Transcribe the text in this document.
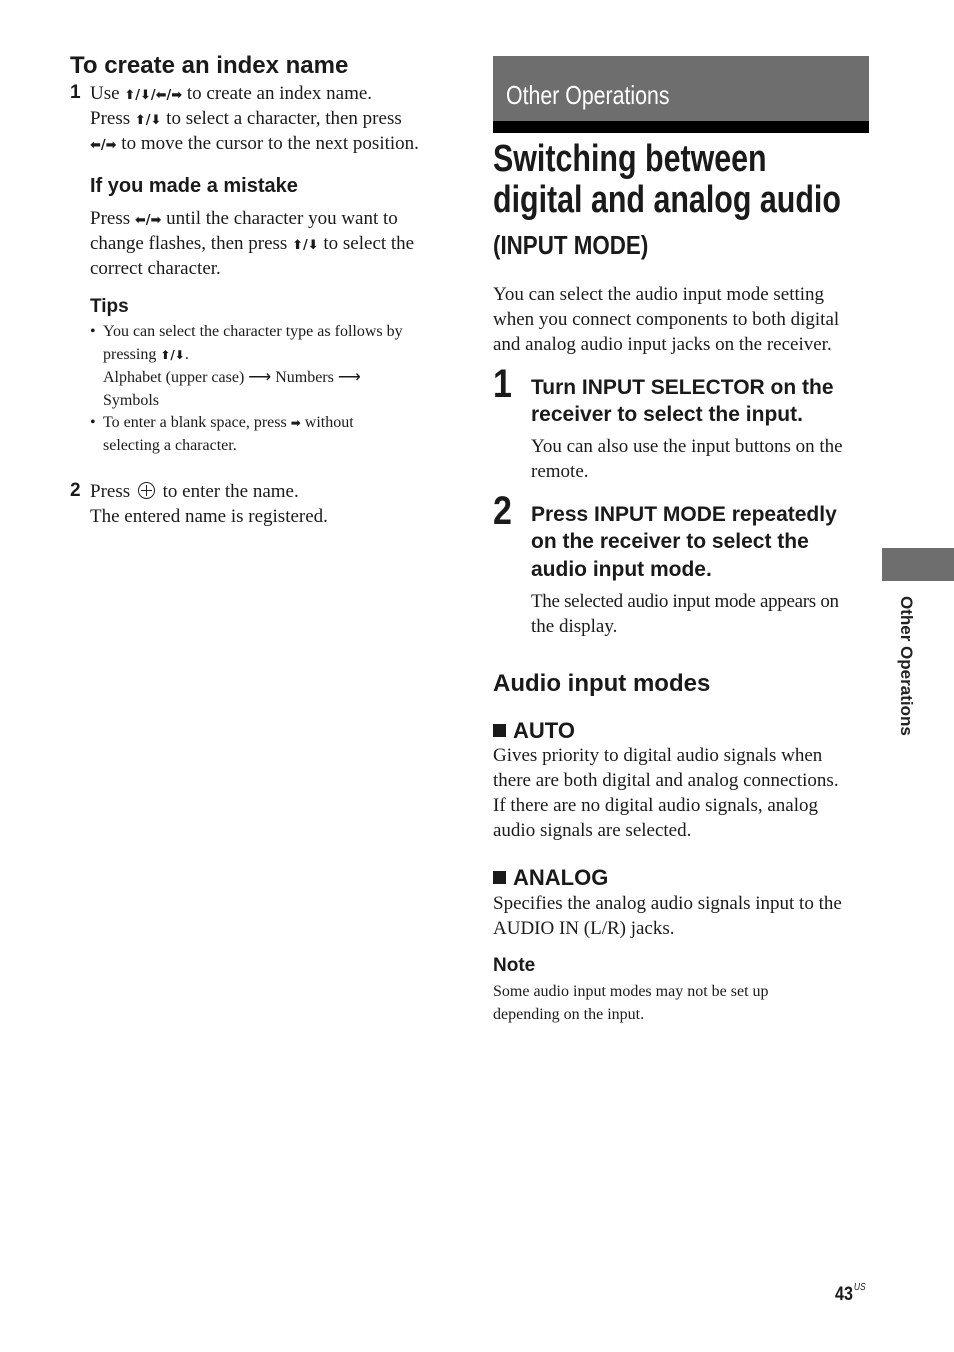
To create an index name
1 Use ⬆/⬇/⬅/➡ to create an index name.
Press ⬆/⬇ to select a character, then press
⬅/➡ to move the cursor to the next position.
If you made a mistake
Press ⬅/➡ until the character you want to
change flashes, then press ⬆/⬇ to select the
correct character.
Tips
• You can select the character type as follows by
pressing ⬆/⬇.
Alphabet (upper case) ⟶ Numbers ⟶
Symbols
• To enter a blank space, press ➡ without
selecting a character.
2 Press  to enter the name.
The entered name is registered.
Other Operations
Switching between
digital and analog audio
(INPUT MODE)
You can select the audio input mode setting
when you connect components to both digital
and analog audio input jacks on the receiver.
1 Turn INPUT SELECTOR on the
receiver to select the input.
You can also use the input buttons on the
remote.
2 Press INPUT MODE repeatedly
on the receiver to select the
audio input mode.
The selected audio input mode appears on
the display.
Audio input modes
AUTO
Gives priority to digital audio signals when
there are both digital and analog connections.
If there are no digital audio signals, analog
audio signals are selected.
ANALOG
Specifies the analog audio signals input to the
AUDIO IN (L/R) jacks.
Note
Some audio input modes may not be set up
depending on the input.
Other Operations
$43^{US}$
